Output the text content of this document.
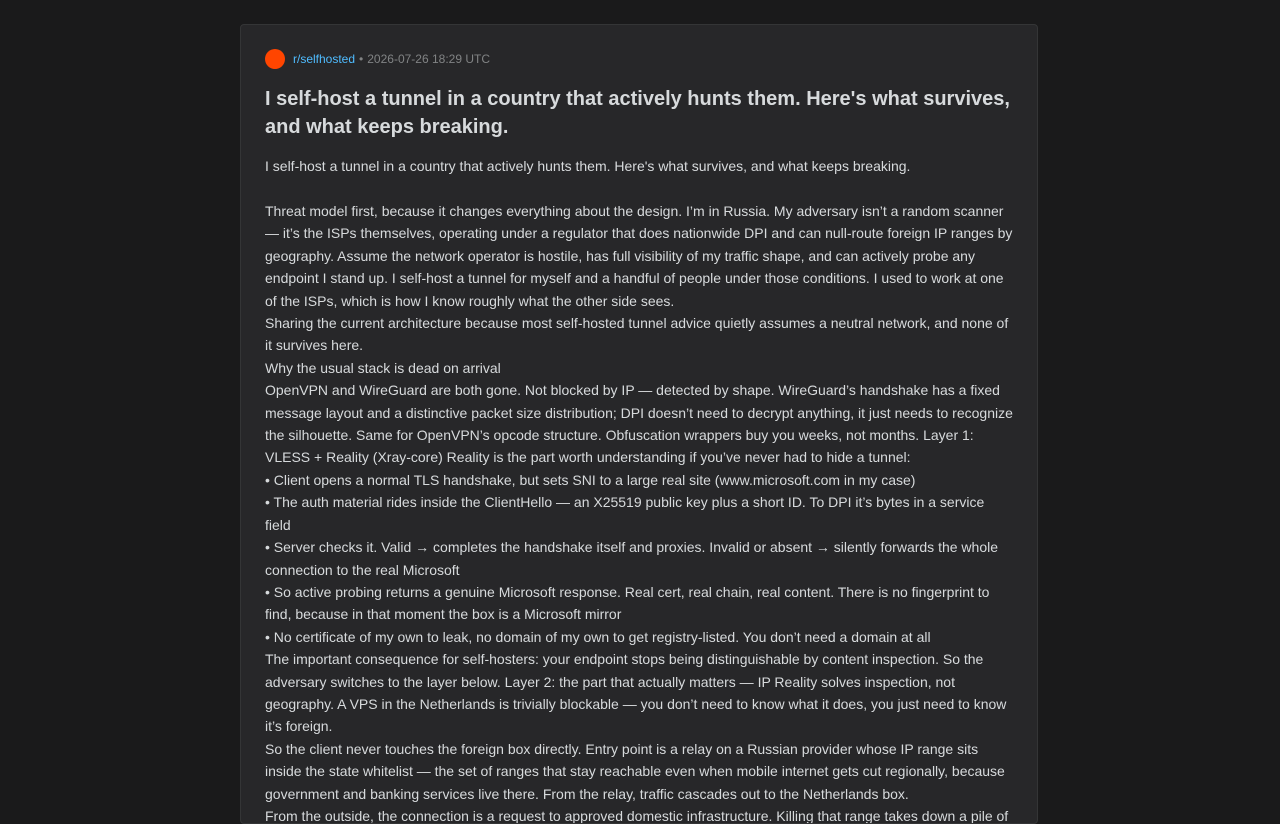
r/selfhosted • 2026-07-26 18:29 UTC
I self-host a tunnel in a country that actively hunts them. Here's what survives, and what keeps breaking.

I self-host a tunnel in a country that actively hunts them. Here's what survives, and what keeps breaking.

Threat model first, because it changes everything about the design. I’m in Russia. My adversary isn’t a random scanner — it’s the ISPs themselves, operating under a regulator that does nationwide DPI and can null-route foreign IP ranges by geography. Assume the network operator is hostile, has full visibility of my traffic shape, and can actively probe any endpoint I stand up. I self-host a tunnel for myself and a handful of people under those conditions. I used to work at one of the ISPs, which is how I know roughly what the other side sees.

Sharing the current architecture because most self-hosted tunnel advice quietly assumes a neutral network, and none of it survives here.

Why the usual stack is dead on arrival

OpenVPN and WireGuard are both gone. Not blocked by IP — detected by shape. WireGuard’s handshake has a fixed message layout and a distinctive packet size distribution; DPI doesn’t need to decrypt anything, it just needs to recognize the silhouette. Same for OpenVPN’s opcode structure. Obfuscation wrappers buy you weeks, not months. Layer 1: VLESS + Reality (Xray-core) Reality is the part worth understanding if you’ve never had to hide a tunnel:

• Client opens a normal TLS handshake, but sets SNI to a large real site (www.microsoft.com in my case)

• The auth material rides inside the ClientHello — an X25519 public key plus a short ID. To DPI it’s bytes in a service field

• Server checks it. Valid → completes the handshake itself and proxies. Invalid or absent → silently forwards the whole connection to the real Microsoft

• So active probing returns a genuine Microsoft response. Real cert, real chain, real content. There is no fingerprint to find, because in that moment the box is a Microsoft mirror

• No certificate of my own to leak, no domain of my own to get registry-listed. You don’t need a domain at all

The important consequence for self-hosters: your endpoint stops being distinguishable by content inspection. So the adversary switches to the layer below. Layer 2: the part that actually matters — IP Reality solves inspection, not geography. A VPS in the Netherlands is trivially blockable — you don’t need to know what it does, you just need to know it’s foreign.

So the client never touches the foreign box directly. Entry point is a relay on a Russian provider whose IP range sits inside the state whitelist — the set of ranges that stay reachable even when mobile internet gets cut regionally, because government and banking services live there. From the relay, traffic cascades out to the Netherlands box.

From the outside, the connection is a request to approved domestic infrastructure. Killing that range takes down a pile of
